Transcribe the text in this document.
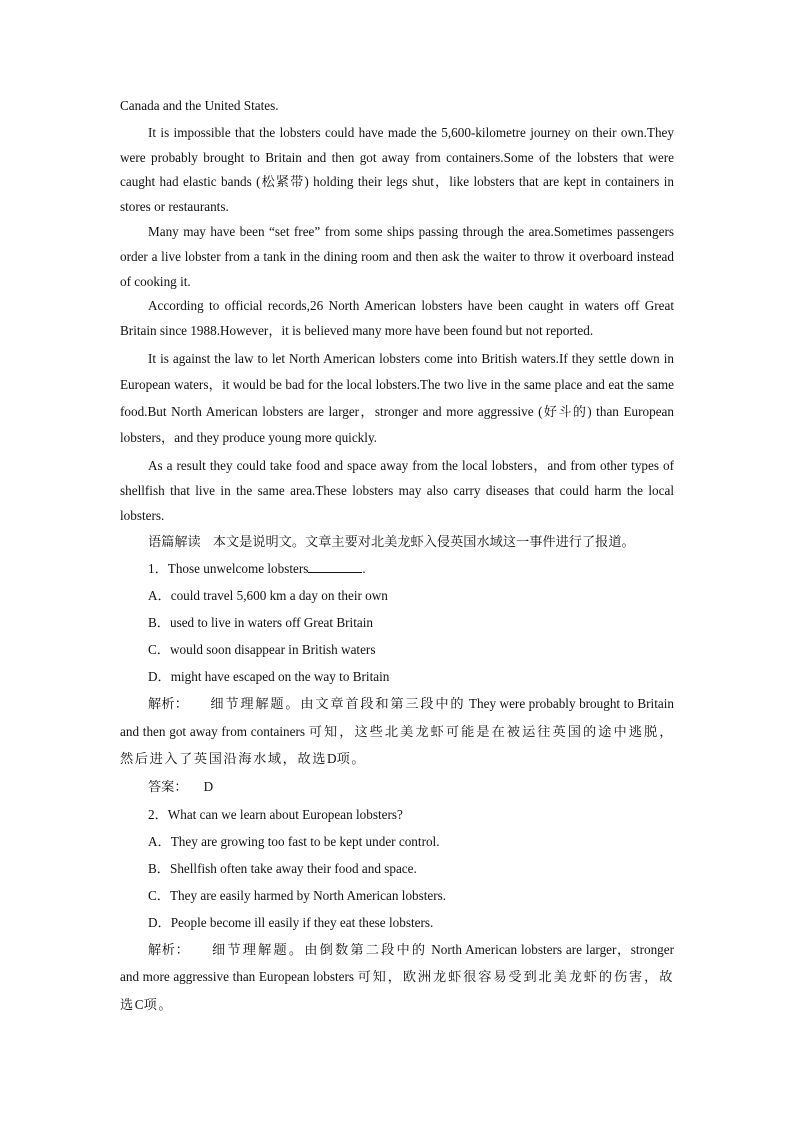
Canada and the United States.

It is impossible that the lobsters could have made the 5,600-kilometre journey on their own.They were probably brought to Britain and then got away from containers.Some of the lobsters that were caught had elastic bands (松紧带) holding their legs shut，like lobsters that are kept in containers in stores or restaurants.

Many may have been “set free” from some ships passing through the area.Sometimes passengers order a live lobster from a tank in the dining room and then ask the waiter to throw it overboard instead of cooking it.

According to official records,26 North American lobsters have been caught in waters off Great Britain since 1988.However，it is believed many more have been found but not reported.

It is against the law to let North American lobsters come into British waters.If they settle down in European waters，it would be bad for the local lobsters.The two live in the same place and eat the same food.But North American lobsters are larger，stronger and more aggressive (好斗的) than European lobsters，and they produce young more quickly.

As a result they could take food and space away from the local lobsters，and from other types of shellfish that live in the same area.These lobsters may also carry diseases that could harm the local lobsters.

语篇解读 本文是说明文。文章主要对北美龙虾入侵英国水域这一事件进行了报道。
1．Those unwelcome lobsters	.
A．could travel 5,600 km a day on their own
B．used to live in waters off Great Britain
C．would soon disappear in British waters
D．might have escaped on the way to Britain

解析： 细节理解题。由文章首段和第三段中的 They were probably brought to Britain and then got away from containers 可知，这些北美龙虾可能是在被运往英国的途中逃脱，然后进入了英国沿海水域，故选D项。

答案： D
2．What can we learn about European lobsters?
A．They are growing too fast to be kept under control.
B．Shellfish often take away their food and space.
C．They are easily harmed by North American lobsters.
D．People become ill easily if they eat these lobsters.

解析： 细节理解题。由倒数第二段中的 North American lobsters are larger，stronger and more aggressive than European lobsters 可知，欧洲龙虾很容易受到北美龙虾的伤害，故选C项。
